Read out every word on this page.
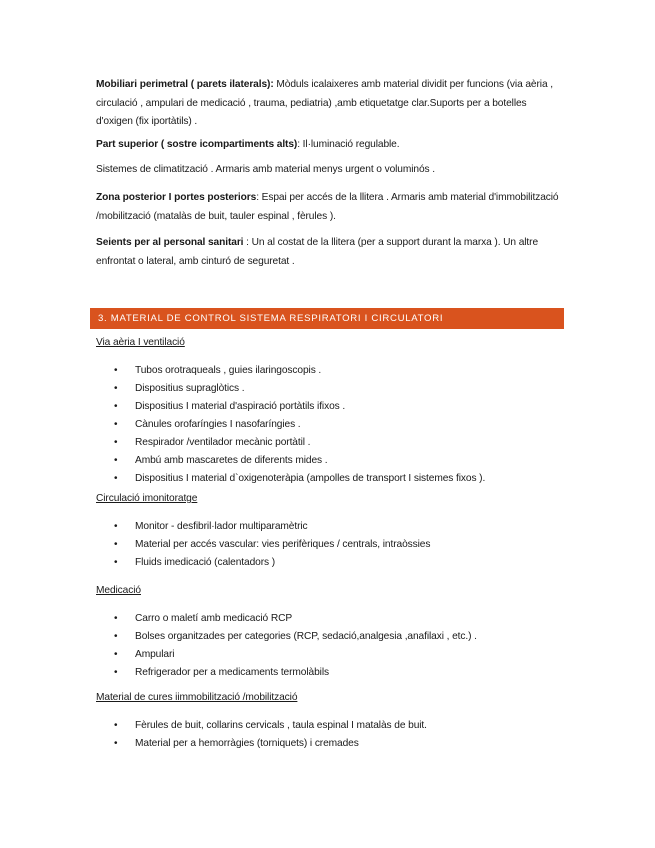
Mobiliari perimetral ( parets ilaterals): Mòduls icalaixeres amb material dividit per funcions (via aèria , circulació , ampulari de medicació , trauma, pediatria) ,amb etiquetatge clar.Suports per a botelles d'oxigen (fix iportàtils) .

Part superior ( sostre icompartiments alts): Il·luminació regulable.

Sistemes de climatització . Armaris amb material menys urgent o voluminós .

Zona posterior I portes posteriors: Espai per accés de la llitera . Armaris amb material d'immobilització /mobilització (matalàs de buit, tauler espinal , fèrules ).

Seients per al personal sanitari : Un al costat de la llitera (per a support durant la marxa ). Un altre enfrontat o lateral, amb cinturó de seguretat .

3. MATERIAL DE CONTROL SISTEMA RESPIRATORI I CIRCULATORI

Via aèria I ventilació

• Tubos orotraqueals , guies ilaringoscopis .
• Dispositius supraglòtics .
• Dispositius I material d'aspiració portàtils ifixos .
• Cànules orofaríngies I nasofaríngies .
• Respirador /ventilador mecànic portàtil .
• Ambú amb mascaretes de diferents mides .
• Dispositius I material d`oxigenoteràpia (ampolles de transport I sistemes fixos ).

Circulació imonitoratge

• Monitor - desfibril·lador multiparamètric
• Material per accés vascular: vies perifèriques / centrals, intraòssies
• Fluids imedicació (calentadors )

Medicació

• Carro o maletí amb medicació RCP
• Bolses organitzades per categories (RCP, sedació,analgesia ,anafilaxi , etc.) .
• Ampulari
• Refrigerador per a medicaments termolàbils

Material de cures iimmobilització /mobilització

• Fèrules de buit, collarins cervicals , taula espinal I matalàs de buit.
• Material per a hemorràgies (torniquets) i cremades
